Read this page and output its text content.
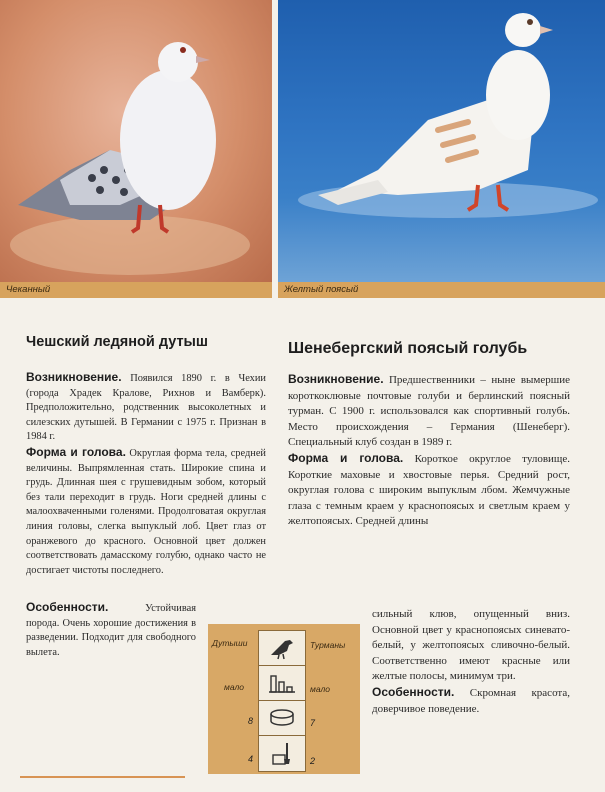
Чеканный	Желтый поясый
Чешский ледяной дутыш

Возникновение. Появился 1890 г. в Чехии (города Храдек Кралове, Рихнов и Вамберк). Предположительно, родственник высоколетных и силезских дутышей. В Германии с 1975 г. Признан в 1984 г.

Форма и голова. Округлая форма тела, средней величины. Выпрямленная стать. Широкие спина и грудь. Длинная шея с грушевидным зобом, который без тали переходит в грудь. Ноги средней длины с малоохваченными голенями. Продолговатая округлая линия головы, слегка выпуклый лоб. Цвет глаз от оранжевого до красного. Основной цвет должен соответствовать дамасскому голубю, однако часто не достигает чистоты последнего.

Особенности.	Устойчивая порода. Очень хорошие достижения в разведении. Подходит для свободного вылета.

Шенебергский поясый голубь

Возникновение. Предшественники – ныне вымершие короткоклювые почтовые голуби и берлинский поясный турман. С 1900 г. использовался как спортивный голубь. Место происхождения – Германия (Шенеберг). Специальный клуб создан в 1989 г.

Форма и голова. Короткое округлое туловище. Короткие маховые и хвостовые перья. Средний рост, округлая голова с широким выпуклым лбом. Жемчужные глаза с темным краем у краснопоясых и светлым краем у желтопоясых. Средней длины

сильный клюв, опущенный вниз. Основной цвет у краснопоясых синевато-белый, у желтопоясых сливочно-белый. Соответственно имеют красные или желтые полосы, минимум три.

Особенности. Скромная красота, доверчивое поведение.

Дутыши	Турманы
мало	мало
8	7
4	2
